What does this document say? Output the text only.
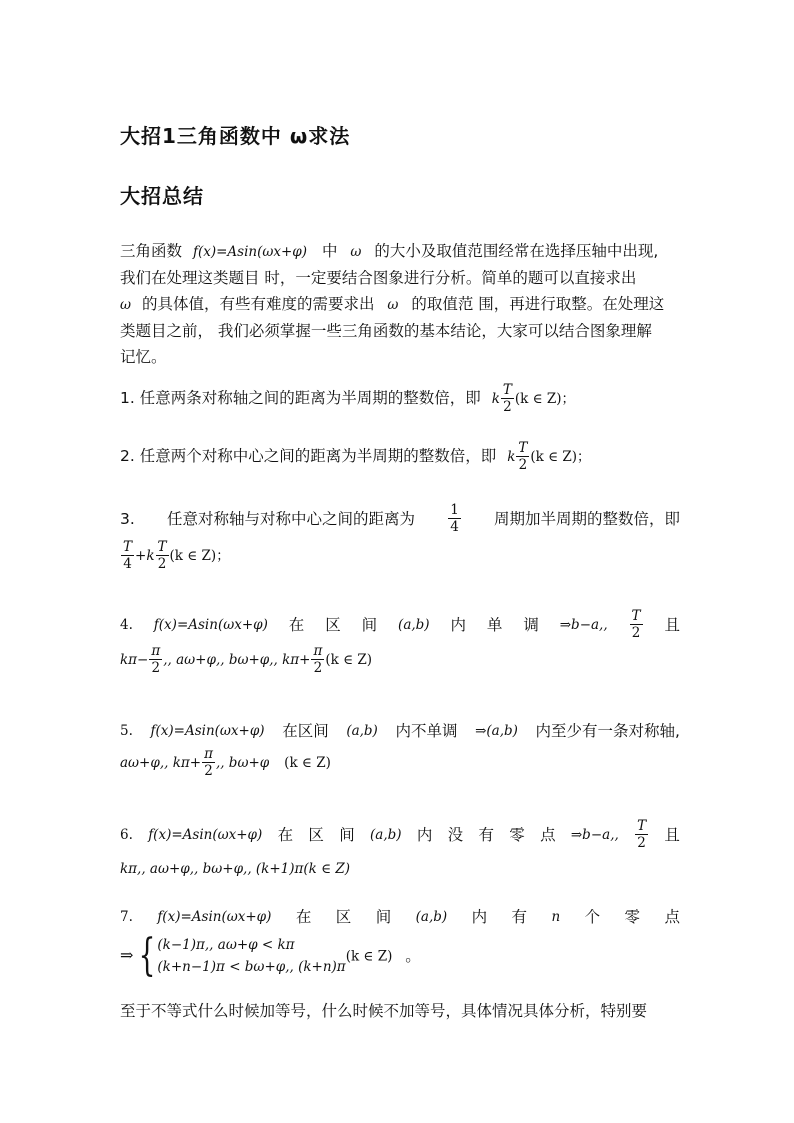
大招1三角函数中 ω求法
大招总结
三角函数 f(x)=Asin(ωx+φ) 中 ω 的大小及取值范围经常在选择压轴中出现,
我们在处理这类题目 时，一定要结合图象进行分析。简单的题可以直接求出
ω 的具体值，有些有难度的需要求出 ω 的取值范 围，再进行取整。在处理这
类题目之前， 我们必须掌握一些三角函数的基本结论，大家可以结合图象理解
记忆。
1. 任意两条对称轴之间的距离为半周期的整数倍，即 k $\frac{T}{2} (k$ ∈ Z)；
2. 任意两个对称中心之间的距离为半周期的整数倍，即 k $\frac{T}{2} (k$ ∈ Z)；
3. 任意对称轴与对称中心之间的距离为 $\frac{1}{4}$ 周期加半周期的整数倍，即
$\frac{T}{4} +k \frac{T}{2} (k$ ∈ Z)；
4. f(x)=Asin(ωx+φ) 在 区 间 (a,b) 内 单 调 ⇒b−a,, $\frac{T}{2}$ 且
$k\pi- \frac{\pi}{2}$ ,, aω+φ,, bω+φ,, $k\pi+ \frac{\pi}{2} (k$ ∈ Z)
5. f(x)=Asin(ωx+φ) 在区间 (a,b) 内不单调 ⇒(a,b) 内至少有一条对称轴,
aω+φ,, $k\pi+ \frac{\pi}{2}$ ,, bω+φ (k ∈ Z)
6. f(x)=Asin(ωx+φ) 在 区 间 (a,b) 内 没 有 零 点 ⇒b−a,, $\frac{T}{2}$ 且
kπ,, aω+φ,, bω+φ,, (k+1)π(k ∈ Z)
7. f(x)=Asin(ωx+φ) 在 区 间 (a,b) 内 有 n 个 零 点
⇒ { (k−1)π,, aω+φ < kπ
(k+n−1)π < bω+φ,, (k+n)π
(k ∈ Z) 。
至于不等式什么时候加等号，什么时候不加等号，具体情况具体分析，特别要
